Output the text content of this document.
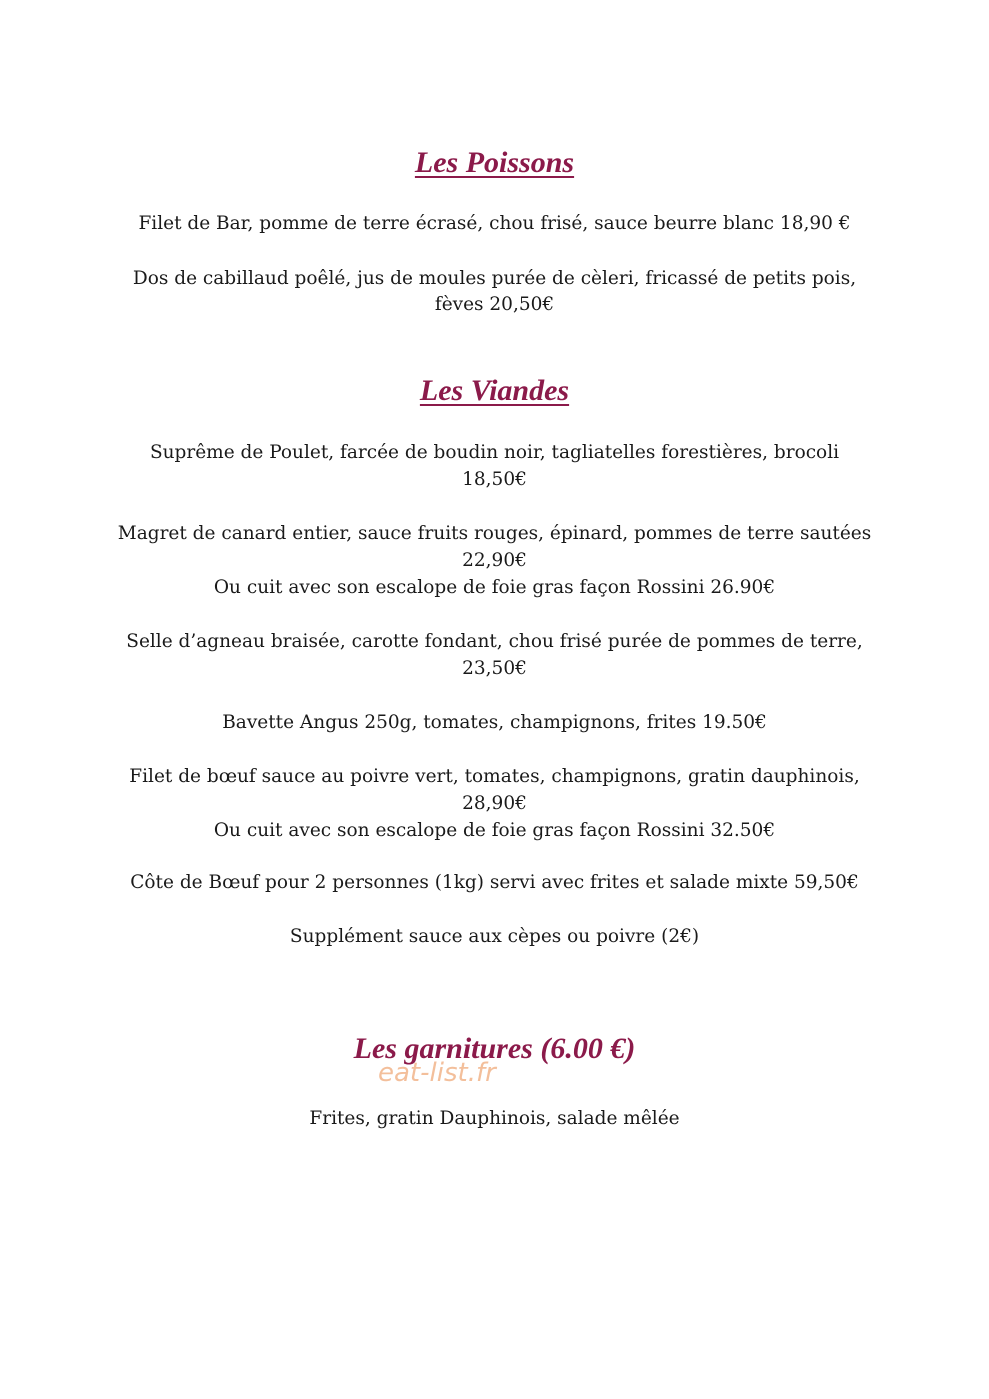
Les Poissons
Filet de Bar, pomme de terre écrasé, chou frisé, sauce beurre blanc 18,90 €
Dos de cabillaud poêlé, jus de moules purée de cèleri, fricassé de petits pois,
fèves 20,50€
Les Viandes
Suprême de Poulet, farcée de boudin noir, tagliatelles forestières, brocoli
18,50€
Magret de canard entier, sauce fruits rouges, épinard, pommes de terre sautées
22,90€
Ou cuit avec son escalope de foie gras façon Rossini 26.90€
Selle d’agneau braisée, carotte fondant, chou frisé purée de pommes de terre,
23,50€
Bavette Angus 250g, tomates, champignons, frites 19.50€
Filet de bœuf sauce au poivre vert, tomates, champignons, gratin dauphinois,
28,90€
Ou cuit avec son escalope de foie gras façon Rossini 32.50€
Côte de Bœuf pour 2 personnes (1kg) servi avec frites et salade mixte 59,50€
Supplément sauce aux cèpes ou poivre (2€)
Les garnitures (6.00 €)
eat-list.fr
Frites, gratin Dauphinois, salade mêlée
